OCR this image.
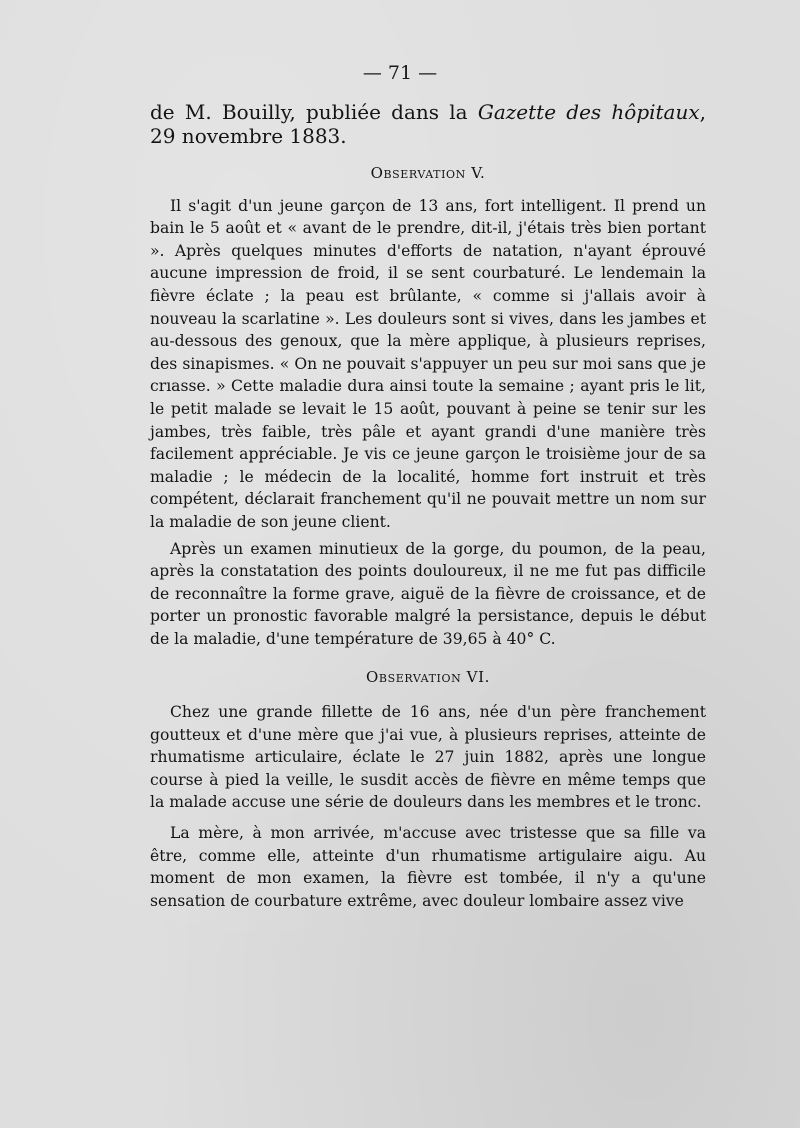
— 71 —

de M. Bouilly, publiée dans la Gazette des hôpitaux, 29 novembre 1883.

Observation V.

Il s'agit d'un jeune garçon de 13 ans, fort intelligent. Il prend un bain le 5 août et « avant de le prendre, dit-il, j'étais très bien portant ». Après quelques minutes d'efforts de natation, n'ayant éprouvé aucune impression de froid, il se sent courbaturé. Le lendemain la fièvre éclate ; la peau est brûlante, « comme si j'allais avoir à nouveau la scarlatine ». Les douleurs sont si vives, dans les jambes et au-dessous des genoux, que la mère applique, à plusieurs reprises, des sinapismes. « On ne pouvait s'appuyer un peu sur moi sans que je crıasse. » Cette maladie dura ainsi toute la semaine ; ayant pris le lit, le petit malade se levait le 15 août, pouvant à peine se tenir sur les jambes, très faible, très pâle et ayant grandi d'une manière très facilement appréciable. Je vis ce jeune garçon le troisième jour de sa maladie ; le médecin de la localité, homme fort instruit et très compétent, déclarait franchement qu'il ne pouvait mettre un nom sur la maladie de son jeune client.

Après un examen minutieux de la gorge, du poumon, de la peau, après la constatation des points douloureux, il ne me fut pas difficile de reconnaître la forme grave, aiguë de la fièvre de croissance, et de porter un pronostic favorable malgré la persistance, depuis le début de la maladie, d'une température de 39,65 à 40° C.

Observation VI.

Chez une grande fillette de 16 ans, née d'un père franchement goutteux et d'une mère que j'ai vue, à plusieurs reprises, atteinte de rhumatisme articulaire, éclate le 27 juin 1882, après une longue course à pied la veille, le susdit accès de fièvre en même temps que la malade accuse une série de douleurs dans les membres et le tronc.

La mère, à mon arrivée, m'accuse avec tristesse que sa fille va être, comme elle, atteinte d'un rhumatisme artigulaire aigu. Au moment de mon examen, la fièvre est tombée, il n'y a qu'une sensation de courbature extrême, avec douleur lombaire assez vive
